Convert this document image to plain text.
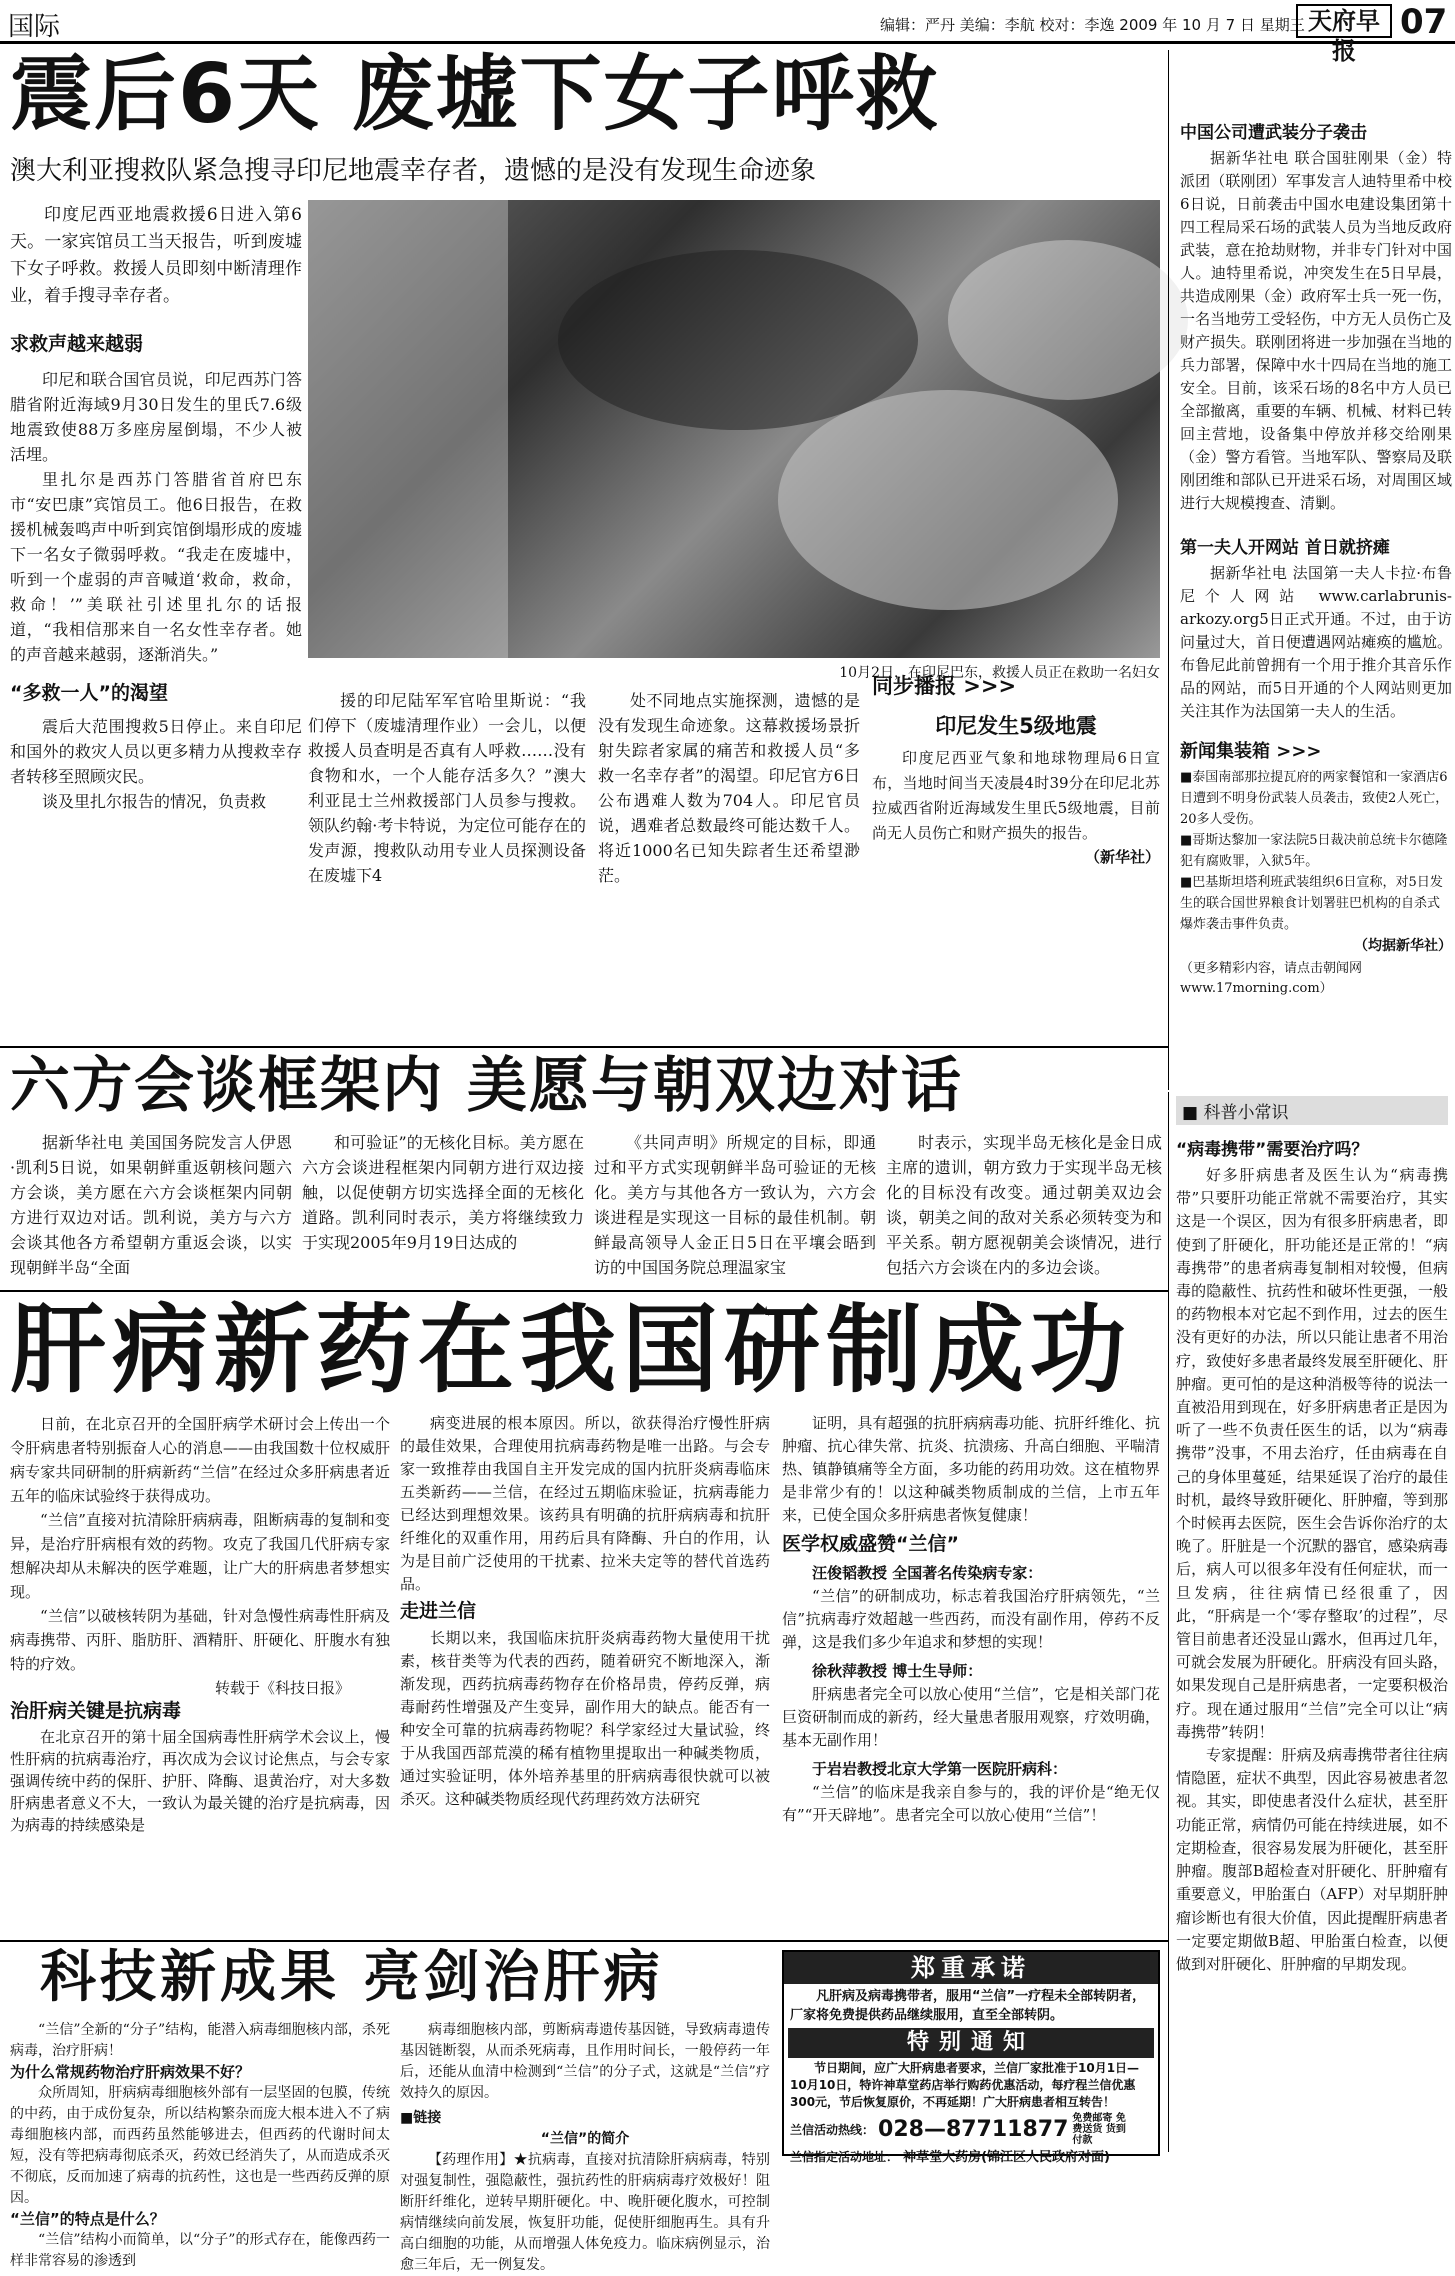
国际	编辑：严丹 美编：李航 校对：李逸 2009 年 10 月 7 日 星期三 天府早报
07
震后6天 废墟下女子呼救
澳大利亚搜救队紧急搜寻印尼地震幸存者，遗憾的是没有发现生命迹象

印度尼西亚地震救援6日进入第6天。一家宾馆员工当天报告，听到废墟下女子呼救。救援人员即刻中断清理作业，着手搜寻幸存者。

求救声越来越弱

印尼和联合国官员说，印尼西苏门答腊省附近海域9月30日发生的里氏7.6级地震致使88万多座房屋倒塌，不少人被活埋。

里扎尔是西苏门答腊省首府巴东市“安巴康”宾馆员工。他6日报告，在救援机械轰鸣声中听到宾馆倒塌形成的废墟下一名女子微弱呼救。“我走在废墟中，听到一个虚弱的声音喊道‘救命，救命，救命！’”美联社引述里扎尔的话报道，“我相信那来自一名女性幸存者。她的声音越来越弱，逐渐消失。”

“多救一人”的渴望

震后大范围搜救5日停止。来自印尼和国外的救灾人员以更多精力从搜救幸存者转移至照顾灾民。

谈及里扎尔报告的情况，负责救

10月2日，在印尼巴东，救援人员正在救助一名妇女

援的印尼陆军军官哈里斯说：“我们停下（废墟清理作业）一会儿，以便救援人员查明是否真有人呼救……没有食物和水，一个人能存活多久？”澳大利亚昆士兰州救援部门人员参与搜救。领队约翰·考卡特说，为定位可能存在的发声源，搜救队动用专业人员探测设备在废墟下4

处不同地点实施探测，遗憾的是没有发现生命迹象。这幕救援场景折射失踪者家属的痛苦和救援人员“多救一名幸存者”的渴望。印尼官方6日公布遇难人数为704人。印尼官员说，遇难者总数最终可能达数千人。将近1000名已知失踪者生还希望渺茫。

同步播报 >>>
印尼发生5级地震
印度尼西亚气象和地球物理局6日宣布，当地时间当天凌晨4时39分在印尼北苏拉威西省附近海域发生里氏5级地震，目前尚无人员伤亡和财产损失的报告。
（新华社）
中国公司遭武装分子袭击
据新华社电 联合国驻刚果（金）特派团（联刚团）军事发言人迪特里希中校6日说，日前袭击中国水电建设集团第十四工程局采石场的武装人员为当地反政府武装，意在抢劫财物，并非专门针对中国人。迪特里希说，冲突发生在5日早晨，共造成刚果（金）政府军士兵一死一伤，一名当地劳工受轻伤，中方无人员伤亡及财产损失。联刚团将进一步加强在当地的兵力部署，保障中水十四局在当地的施工安全。目前，该采石场的8名中方人员已全部撤离，重要的车辆、机械、材料已转回主营地，设备集中停放并移交给刚果（金）警方看管。当地军队、警察局及联刚团维和部队已开进采石场，对周围区域进行大规模搜查、清剿。
第一夫人开网站 首日就挤瘫
据新华社电 法国第一夫人卡拉·布鲁尼个人网站 www.carlabrunis-arkozy.org5日正式开通。不过，由于访问量过大，首日便遭遇网站瘫痪的尴尬。布鲁尼此前曾拥有一个用于推介其音乐作品的网站，而5日开通的个人网站则更加关注其作为法国第一夫人的生活。
新闻集装箱 >>>
■泰国南部那拉提瓦府的两家餐馆和一家酒店6日遭到不明身份武装人员袭击，致使2人死亡，20多人受伤。
■哥斯达黎加一家法院5日裁决前总统卡尔德隆犯有腐败罪，入狱5年。
■巴基斯坦塔利班武装组织6日宣称，对5日发生的联合国世界粮食计划署驻巴机构的自杀式爆炸袭击事件负责。
（均据新华社）
（更多精彩内容，请点击朝闻网 www.17morning.com）
六方会谈框架内 美愿与朝双边对话

据新华社电 美国国务院发言人伊恩·凯利5日说，如果朝鲜重返朝核问题六方会谈，美方愿在六方会谈框架内同朝方进行双边对话。凯利说，美方与六方会谈其他各方希望朝方重返会谈，以实现朝鲜半岛“全面

和可验证”的无核化目标。美方愿在六方会谈进程框架内同朝方进行双边接触，以促使朝方切实选择全面的无核化道路。凯利同时表示，美方将继续致力于实现2005年9月19日达成的

《共同声明》所规定的目标，即通过和平方式实现朝鲜半岛可验证的无核化。美方与其他各方一致认为，六方会谈进程是实现这一目标的最佳机制。朝鲜最高领导人金正日5日在平壤会晤到访的中国国务院总理温家宝

时表示，实现半岛无核化是金日成主席的遗训，朝方致力于实现半岛无核化的目标没有改变。通过朝美双边会谈，朝美之间的敌对关系必须转变为和平关系。朝方愿视朝美会谈情况，进行包括六方会谈在内的多边会谈。

肝病新药在我国研制成功

日前，在北京召开的全国肝病学术研讨会上传出一个令肝病患者特别振奋人心的消息——由我国数十位权威肝病专家共同研制的肝病新药“兰信”在经过众多肝病患者近五年的临床试验终于获得成功。

“兰信”直接对抗清除肝病病毒，阻断病毒的复制和变异，是治疗肝病根有效的药物。攻克了我国几代肝病专家想解决却从未解决的医学难题，让广大的肝病患者梦想实现。

“兰信”以破核转阴为基础，针对急慢性病毒性肝病及病毒携带、丙肝、脂肪肝、酒精肝、肝硬化、肝腹水有独特的疗效。

转载于《科技日报》
治肝病关键是抗病毒

在北京召开的第十届全国病毒性肝病学术会议上，慢性肝病的抗病毒治疗，再次成为会议讨论焦点，与会专家强调传统中药的保肝、护肝、降酶、退黄治疗，对大多数肝病患者意义不大，一致认为最关键的治疗是抗病毒，因为病毒的持续感染是

病变进展的根本原因。所以，欲获得治疗慢性肝病的最佳效果，合理使用抗病毒药物是唯一出路。与会专家一致推荐由我国自主开发完成的国内抗肝炎病毒临床五类新药——兰信，在经过五期临床验证，抗病毒能力已经达到理想效果。该药具有明确的抗肝病病毒和抗肝纤维化的双重作用，用药后具有降酶、升白的作用，认为是目前广泛使用的干扰素、拉米夫定等的替代首选药品。

走进兰信

长期以来，我国临床抗肝炎病毒药物大量使用干扰素，核苷类等为代表的西药，随着研究不断地深入，渐渐发现，西药抗病毒药物存在价格昂贵，停药反弹，病毒耐药性增强及产生变异，副作用大的缺点。能否有一种安全可靠的抗病毒药物呢？科学家经过大量试验，终于从我国西部荒漠的稀有植物里提取出一种碱类物质，通过实验证明，体外培养基里的肝病病毒很快就可以被杀灭。这种碱类物质经现代药理药效方法研究

证明，具有超强的抗肝病病毒功能、抗肝纤维化、抗肿瘤、抗心律失常、抗炎、抗溃疡、升高白细胞、平喘清热、镇静镇痛等全方面，多功能的药用功效。这在植物界是非常少有的！以这种碱类物质制成的兰信，上市五年来，已使全国众多肝病患者恢复健康！

医学权威盛赞“兰信”
汪俊韬教授 全国著名传染病专家：

“兰信”的研制成功，标志着我国治疗肝病领先，“兰信”抗病毒疗效超越一些西药，而没有副作用，停药不反弹，这是我们多少年追求和梦想的实现！

徐秋萍教授 博士生导师：

肝病患者完全可以放心使用“兰信”，它是相关部门花巨资研制而成的新药，经大量患者服用观察，疗效明确，基本无副作用！

于岩岩教授北京大学第一医院肝病科：

“兰信”的临床是我亲自参与的，我的评价是“绝无仅有”“开天辟地”。患者完全可以放心使用“兰信”！

■ 科普小常识
“病毒携带”需要治疗吗？
好多肝病患者及医生认为“病毒携带”只要肝功能正常就不需要治疗，其实这是一个误区，因为有很多肝病患者，即使到了肝硬化，肝功能还是正常的！“病毒携带”的患者病毒复制相对较慢，但病毒的隐蔽性、抗药性和破坏性更强，一般的药物根本对它起不到作用，过去的医生没有更好的办法，所以只能让患者不用治疗，致使好多患者最终发展至肝硬化、肝肿瘤。更可怕的是这种消极等待的说法一直被沿用到现在，好多肝病患者正是因为听了一些不负责任医生的话，以为“病毒携带”没事，不用去治疗，任由病毒在自己的身体里蔓延，结果延误了治疗的最佳时机，最终导致肝硬化、肝肿瘤，等到那个时候再去医院，医生会告诉你治疗的太晚了。肝脏是一个沉默的器官，感染病毒后，病人可以很多年没有任何症状，而一旦发病，往往病情已经很重了，因此，“肝病是一个‘零存整取’的过程”，尽管目前患者还没显山露水，但再过几年，可就会发展为肝硬化。肝病没有回头路，如果发现自己是肝病患者，一定要积极治疗。现在通过服用“兰信”完全可以让“病毒携带”转阴！
专家提醒：肝病及病毒携带者往往病情隐匿，症状不典型，因此容易被患者忽视。其实，即使患者没什么症状，甚至肝功能正常，病情仍可能在持续进展，如不定期检查，很容易发展为肝硬化，甚至肝肿瘤。腹部B超检查对肝硬化、肝肿瘤有重要意义，甲胎蛋白（AFP）对早期肝肿瘤诊断也有很大价值，因此提醒肝病患者一定要定期做B超、甲胎蛋白检查，以便做到对肝硬化、肝肿瘤的早期发现。
科技新成果 亮剑治肝病

“兰信”全新的“分子”结构，能潜入病毒细胞核内部，杀死病毒，治疗肝病！

为什么常规药物治疗肝病效果不好？

众所周知，肝病病毒细胞核外部有一层坚固的包膜，传统的中药，由于成份复杂，所以结构繁杂而庞大根本进入不了病毒细胞核内部，而西药虽然能够进去，但西药的代谢时间太短，没有等把病毒彻底杀灭，药效已经消失了，从而造成杀灭不彻底，反而加速了病毒的抗药性，这也是一些西药反弹的原因。

“兰信”的特点是什么？

“兰信”结构小而简单，以“分子”的形式存在，能像西药一样非常容易的渗透到

病毒细胞核内部，剪断病毒遗传基因链，导致病毒遗传基因链断裂，从而杀死病毒，且作用时间长，一般停药一年后，还能从血清中检测到“兰信”的分子式，这就是“兰信”疗效持久的原因。

■链接
“兰信”的简介

【药理作用】★抗病毒，直接对抗清除肝病病毒，特别对强复制性，强隐蔽性，强抗药性的肝病病毒疗效极好！阻断肝纤维化，逆转早期肝硬化。中、晚肝硬化腹水，可控制病情继续向前发展，恢复肝功能，促使肝细胞再生。具有升高白细胞的功能，从而增强人体免疫力。临床病例显示，治愈三年后，无一例复发。

郑重承诺
凡肝病及病毒携带者，服用“兰信”一疗程未全部转阴者，厂家将免费提供药品继续服用，直至全部转阴。
特别通知
节日期间，应广大肝病患者要求，兰信厂家批准于10月1日—10月10日，特许神草堂药店举行购药优惠活动，每疗程兰信优惠300元，节后恢复原价，不再延期！广大肝病患者相互转告！
兰信活动热线： 028—87711877 免费邮寄 免费送货 货到付款
兰信指定活动地址： 神草堂大药房(锦江区人民政府对面)
